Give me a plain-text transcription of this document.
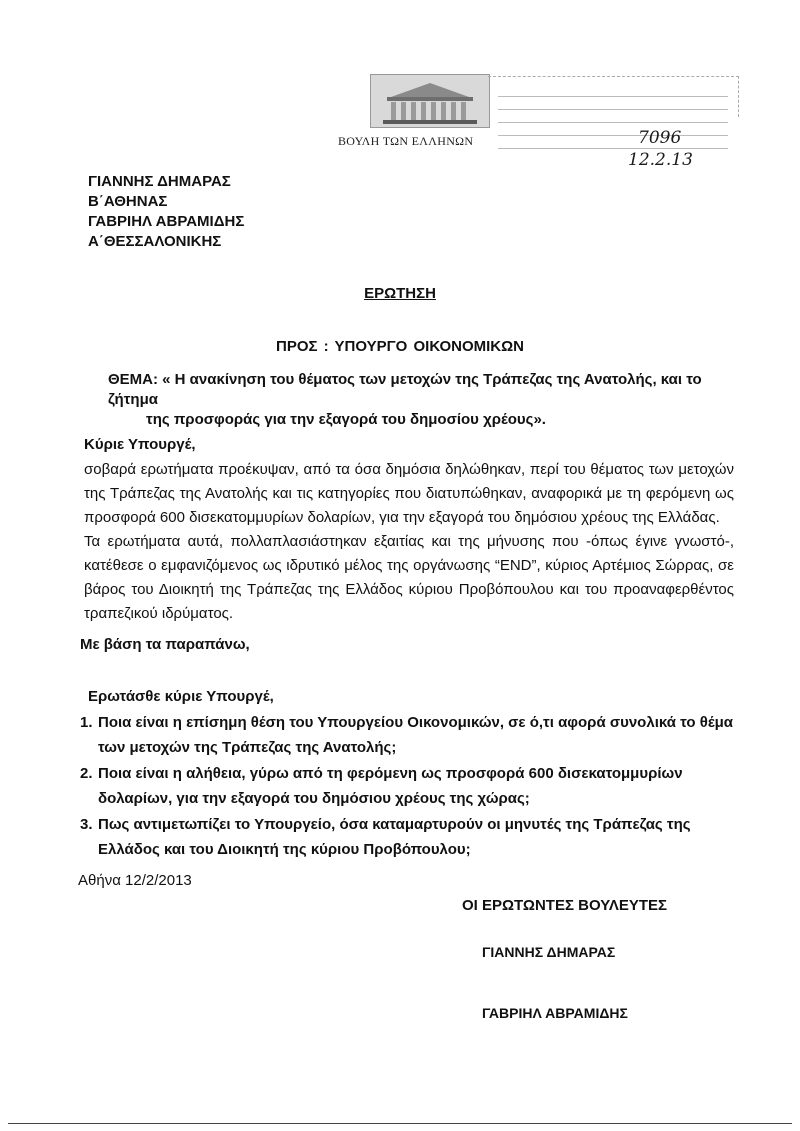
ΒΟΥΛΗ ΤΩΝ ΕΛΛΗΝΩΝ	7096
12.2.13
ΓΙΑΝΝΗΣ ΔΗΜΑΡΑΣ
Β΄ΑΘΗΝΑΣ
ΓΑΒΡΙΗΛ ΑΒΡΑΜΙΔΗΣ
Α΄ΘΕΣΣΑΛΟΝΙΚΗΣ
ΕΡΩΤΗΣΗ
ΠΡΟΣ : ΥΠΟΥΡΓΟ ΟΙΚΟΝΟΜΙΚΩΝ
ΘΕΜΑ: « Η ανακίνηση του θέματος των μετοχών της Τράπεζας της Ανατολής, και το ζήτημα
της προσφοράς για την εξαγορά του δημοσίου χρέους».
Κύριε Υπουργέ,

σοβαρά ερωτήματα προέκυψαν, από τα όσα δημόσια δηλώθηκαν, περί του θέματος των μετοχών της Τράπεζας της Ανατολής και τις κατηγορίες που διατυπώθηκαν, αναφορικά με τη φερόμενη ως προσφορά 600 δισεκατομμυρίων δολαρίων, για την εξαγορά του δημόσιου χρέους της Ελλάδας.

Τα ερωτήματα αυτά, πολλαπλασιάστηκαν εξαιτίας και της μήνυσης που -όπως έγινε γνωστό-, κατέθεσε ο εμφανιζόμενος ως ιδρυτικό μέλος της οργάνωσης “END”, κύριος Αρτέμιος Σώρρας, σε βάρος του Διοικητή της Τράπεζας της Ελλάδος κύριου Προβόπουλου και του προαναφερθέντος τραπεζικού ιδρύματος.

Με βάση τα παραπάνω,
Ερωτάσθε κύριε Υπουργέ,
1. Ποια είναι η επίσημη θέση του Υπουργείου Οικονομικών, σε ό,τι αφορά συνολικά το θέμα των μετοχών της Τράπεζας της Ανατολής;
2. Ποια είναι η αλήθεια, γύρω από τη φερόμενη ως προσφορά 600 δισεκατομμυρίων δολαρίων, για την εξαγορά του δημόσιου χρέους της χώρας;
3. Πως αντιμετωπίζει το Υπουργείο, όσα καταμαρτυρούν οι μηνυτές της Τράπεζας της Ελλάδος και του Διοικητή της κύριου Προβόπουλου;
Αθήνα 12/2/2013
ΟΙ ΕΡΩΤΩΝΤΕΣ ΒΟΥΛΕΥΤΕΣ
ΓΙΑΝΝΗΣ ΔΗΜΑΡΑΣ
ΓΑΒΡΙΗΛ ΑΒΡΑΜΙΔΗΣ
